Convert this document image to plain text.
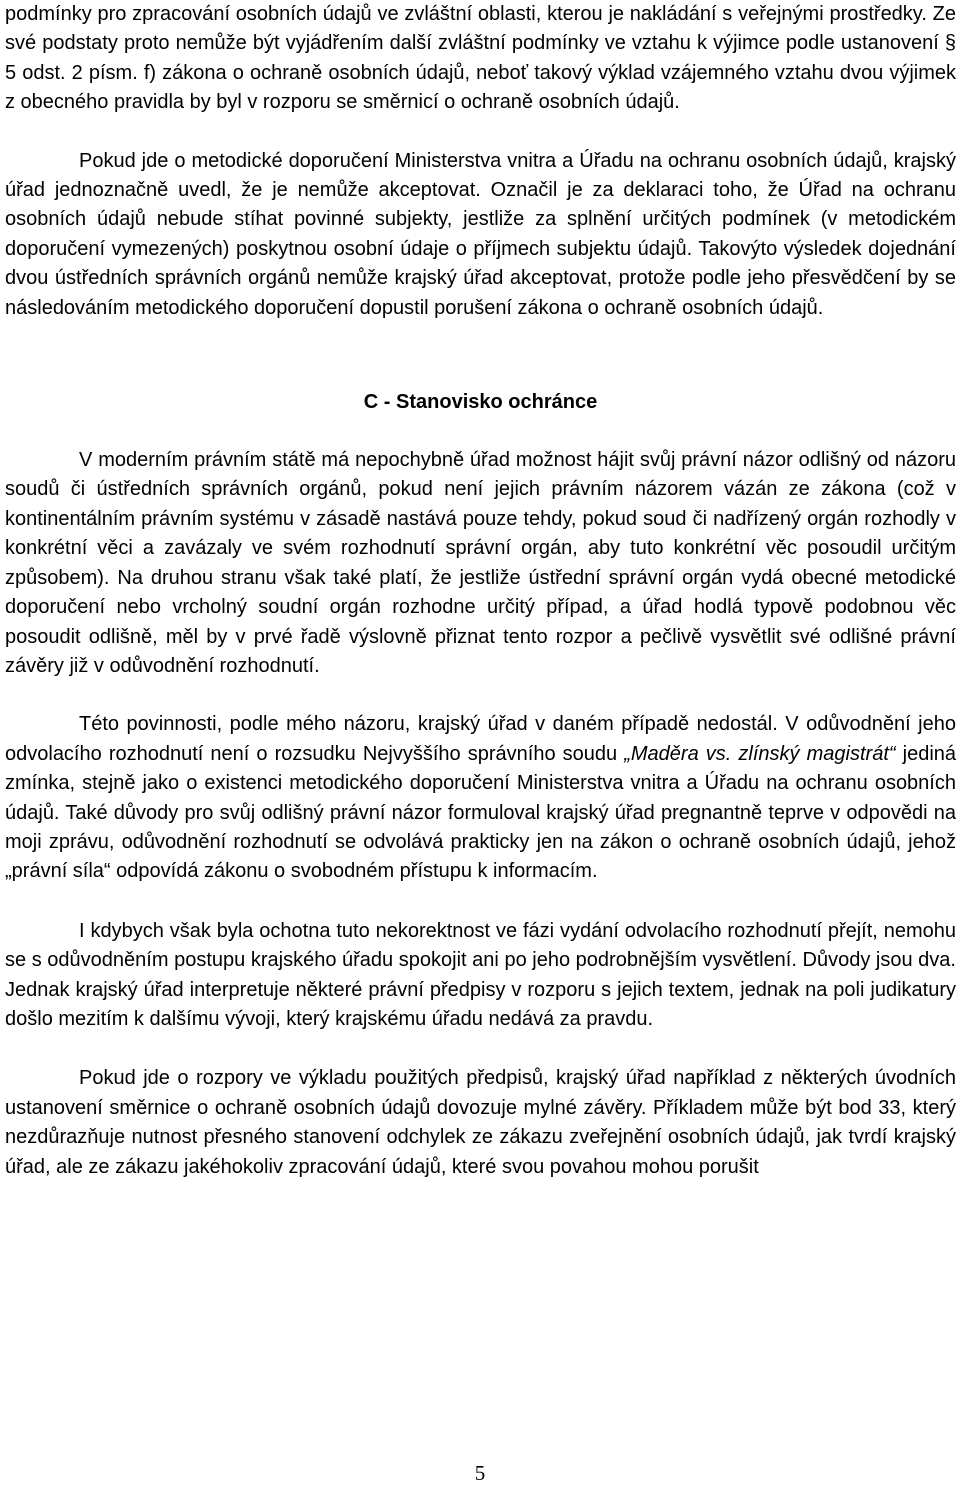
podmínky pro zpracování osobních údajů ve zvláštní oblasti, kterou je nakládání s veřejnými prostředky. Ze své podstaty proto nemůže být vyjádřením další zvláštní podmínky ve vztahu k výjimce podle ustanovení § 5 odst. 2 písm. f) zákona o ochraně osobních údajů, neboť takový výklad vzájemného vztahu dvou výjimek z obecného pravidla by byl v rozporu se směrnicí o ochraně osobních údajů.

Pokud jde o metodické doporučení Ministerstva vnitra a Úřadu na ochranu osobních údajů, krajský úřad jednoznačně uvedl, že je nemůže akceptovat. Označil je za deklaraci toho, že Úřad na ochranu osobních údajů nebude stíhat povinné subjekty, jestliže za splnění určitých podmínek (v metodickém doporučení vymezených) poskytnou osobní údaje o příjmech subjektu údajů. Takovýto výsledek dojednání dvou ústředních správních orgánů nemůže krajský úřad akceptovat, protože podle jeho přesvědčení by se následováním metodického doporučení dopustil porušení zákona o ochraně osobních údajů.

C - Stanovisko ochránce

V moderním právním státě má nepochybně úřad možnost hájit svůj právní názor odlišný od názoru soudů či ústředních správních orgánů, pokud není jejich právním názorem vázán ze zákona (což v kontinentálním právním systému v zásadě nastává pouze tehdy, pokud soud či nadřízený orgán rozhodly v konkrétní věci a zavázaly ve svém rozhodnutí správní orgán, aby tuto konkrétní věc posoudil určitým způsobem). Na druhou stranu však také platí, že jestliže ústřední správní orgán vydá obecné metodické doporučení nebo vrcholný soudní orgán rozhodne určitý případ, a úřad hodlá typově podobnou věc posoudit odlišně, měl by v prvé řadě výslovně přiznat tento rozpor a pečlivě vysvětlit své odlišné právní závěry již v odůvodnění rozhodnutí.

Této povinnosti, podle mého názoru, krajský úřad v daném případě nedostál. V odůvodnění jeho odvolacího rozhodnutí není o rozsudku Nejvyššího správního soudu „Maděra vs. zlínský magistrát“ jediná zmínka, stejně jako o existenci metodického doporučení Ministerstva vnitra a Úřadu na ochranu osobních údajů. Také důvody pro svůj odlišný právní názor formuloval krajský úřad pregnantně teprve v odpovědi na moji zprávu, odůvodnění rozhodnutí se odvolává prakticky jen na zákon o ochraně osobních údajů, jehož „právní síla“ odpovídá zákonu o svobodném přístupu k informacím.

I kdybych však byla ochotna tuto nekorektnost ve fázi vydání odvolacího rozhodnutí přejít, nemohu se s odůvodněním postupu krajského úřadu spokojit ani po jeho podrobnějším vysvětlení. Důvody jsou dva. Jednak krajský úřad interpretuje některé právní předpisy v rozporu s jejich textem, jednak na poli judikatury došlo mezitím k dalšímu vývoji, který krajskému úřadu nedává za pravdu.

Pokud jde o rozpory ve výkladu použitých předpisů, krajský úřad například z některých úvodních ustanovení směrnice o ochraně osobních údajů dovozuje mylné závěry. Příkladem může být bod 33, který nezdůrazňuje nutnost přesného stanovení odchylek ze zákazu zveřejnění osobních údajů, jak tvrdí krajský úřad, ale ze zákazu jakéhokoliv zpracování údajů, které svou povahou mohou porušit

5
